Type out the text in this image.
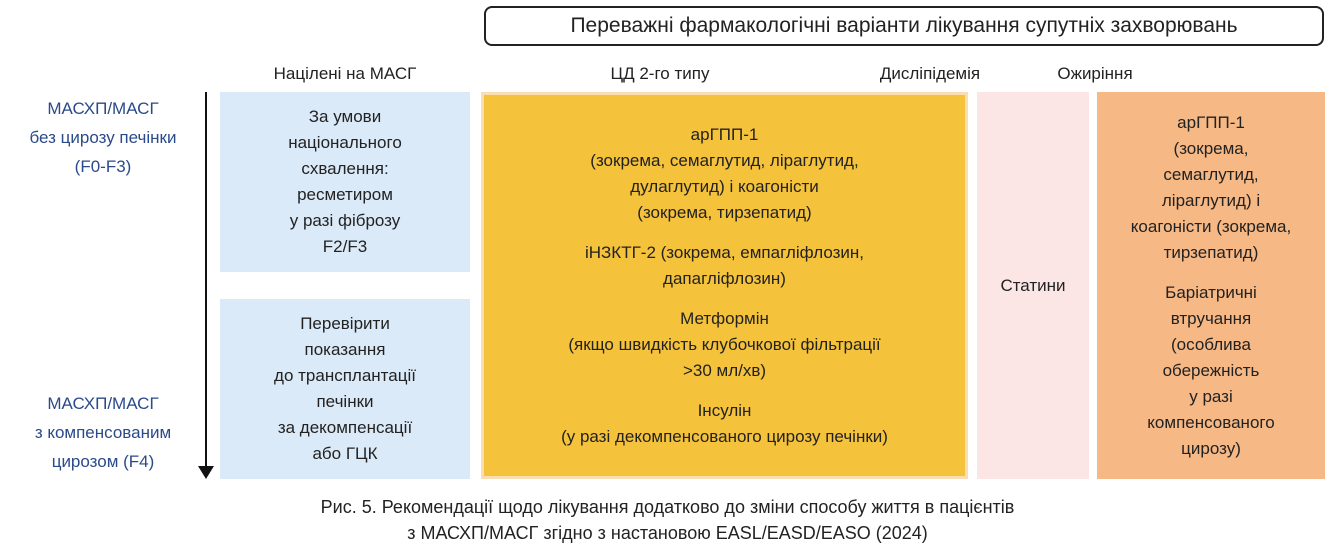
Переважні фармакологічні варіанти лікування супутніх захворювань
Націлені на МАСГ	ЦД 2-го типу	Дисліпідемія	Ожиріння
МАСХП/МАСГ
без цирозу печінки
(F0-F3)
МАСХП/МАСГ
з компенсованим
цирозом (F4)
За умови
національного
схвалення:
ресметиром
у разі фіброзу
F2/F3
Перевірити
показання
до трансплантації
печінки
за декомпенсації
або ГЦК
арГПП-1
(зокрема, семаглутид, ліраглутид,
дулаглутид) і коагоністи
(зокрема, тирзепатид)
іНЗКТГ-2 (зокрема, емпагліфлозин,
дапагліфлозин)
Метформін
(якщо швидкість клубочкової фільтрації
>30 мл/хв)
Інсулін
(у разі декомпенсованого цирозу печінки)
Статини
арГПП-1
(зокрема,
семаглутид,
ліраглутид) і
коагоністи (зокрема,
тирзепатид)
Баріатричні
втручання
(особлива
обережність
у разі
компенсованого
цирозу)
Рис. 5. Рекомендації щодо лікування додатково до зміни способу життя в пацієнтів
з МАСХП/МАСГ згідно з настановою EASL/EASD/EASO (2024)
